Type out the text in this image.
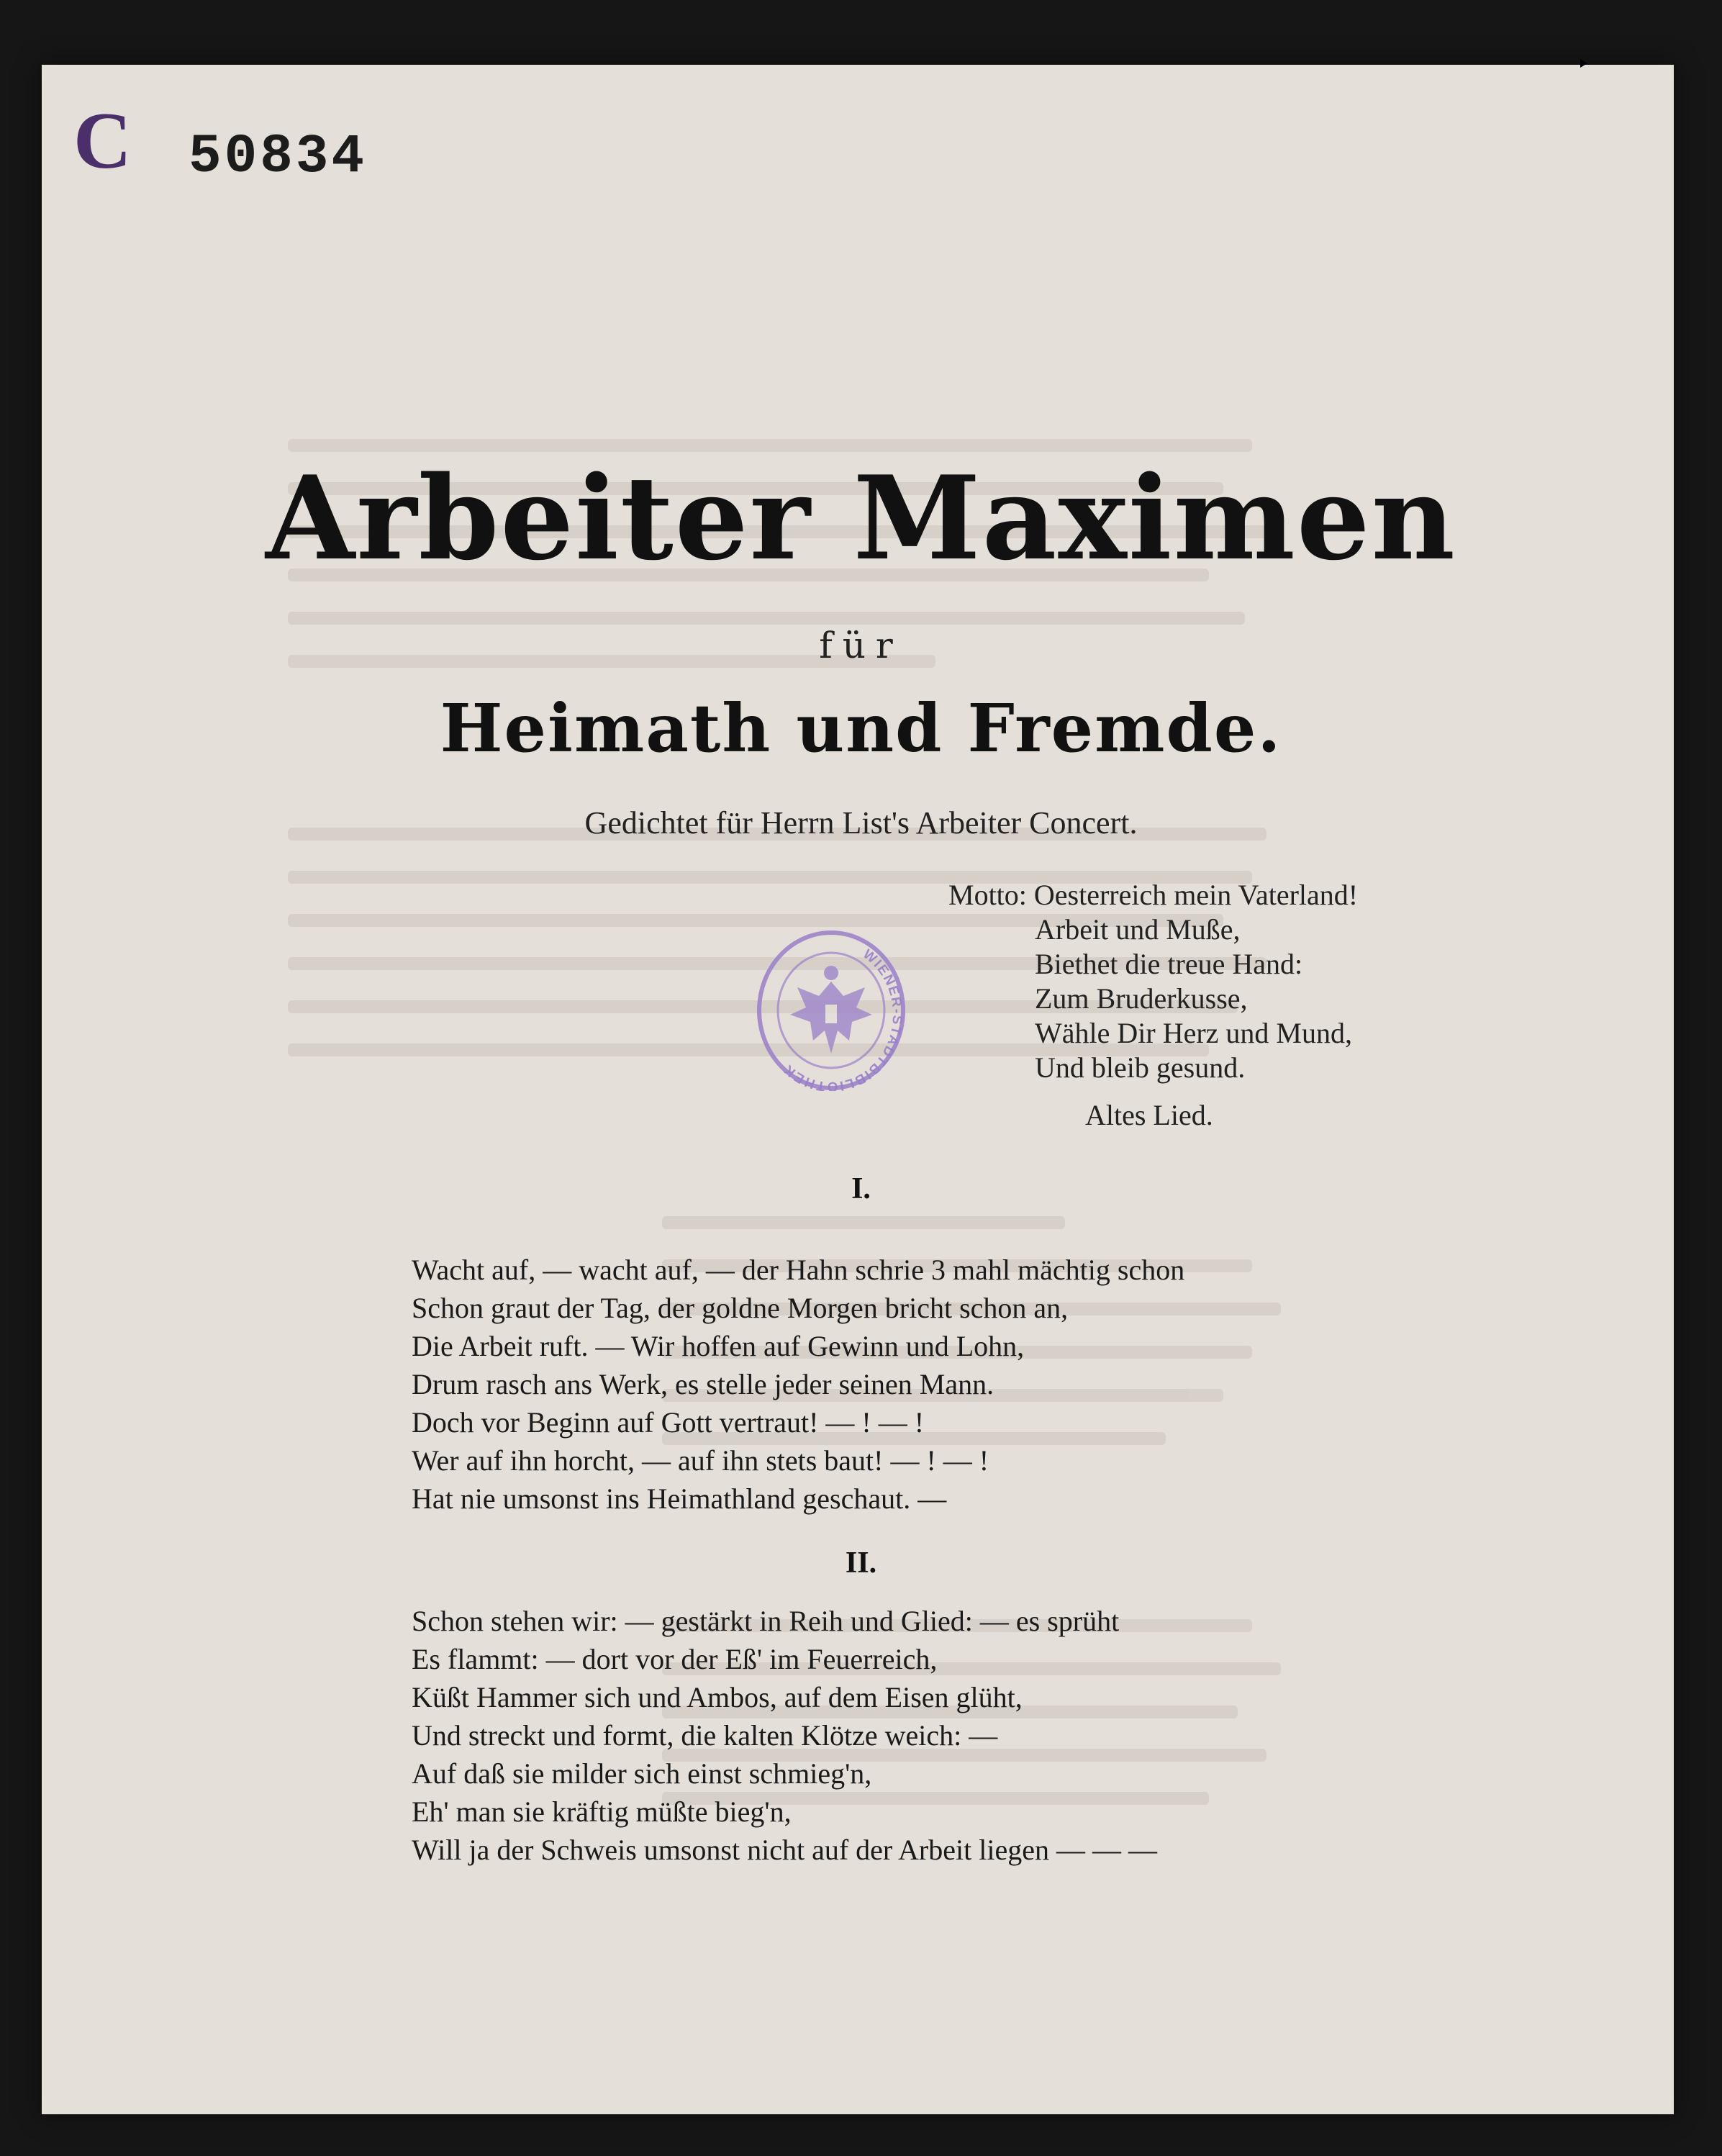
C 50834
Arbeiter Maximen
für
Heimath und Fremde.
Gedichtet für Herrn List's Arbeiter Concert.
Motto: Oesterreich mein Vaterland!
Arbeit und Muße,
Biethet die treue Hand:
Zum Bruderkusse,
Wähle Dir Herz und Mund,
Und bleib gesund.
Altes Lied.
WIENER-STADTBIBLIOTHEK
I.
Wacht auf, — wacht auf, — der Hahn schrie 3 mahl mächtig schon
Schon graut der Tag, der goldne Morgen bricht schon an,
Die Arbeit ruft. — Wir hoffen auf Gewinn und Lohn,
Drum rasch ans Werk, es stelle jeder seinen Mann.
Doch vor Beginn auf Gott vertraut! — ! — !
Wer auf ihn horcht, — auf ihn stets baut! — ! — !
Hat nie umsonst ins Heimathland geschaut. —
II.
Schon stehen wir: — gestärkt in Reih und Glied: — es sprüht
Es flammt: — dort vor der Eß' im Feuerreich,
Küßt Hammer sich und Ambos, auf dem Eisen glüht,
Und streckt und formt, die kalten Klötze weich: —
Auf daß sie milder sich einst schmieg'n,
Eh' man sie kräftig müßte bieg'n,
Will ja der Schweis umsonst nicht auf der Arbeit liegen — — —
